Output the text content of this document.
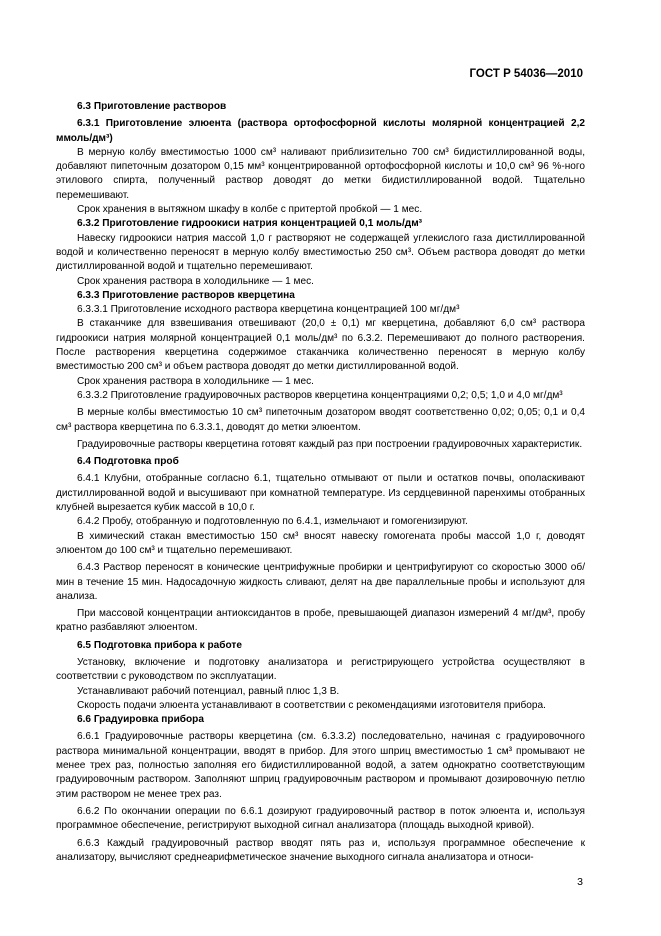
ГОСТ Р 54036—2010

6.3 Приготовление растворов

6.3.1 Приготовление элюента (раствора ортофосфорной кислоты молярной концентрацией 2,2 ммоль/дм³)

В мерную колбу вместимостью 1000 см³ наливают приблизительно 700 см³ бидистиллированной воды, добавляют пипеточным дозатором 0,15 мм³ концентрированной ортофосфорной кислоты и 10,0 см³ 96 %-ного этилового спирта, полученный раствор доводят до метки бидистиллированной водой. Тщательно перемешивают.

Срок хранения в вытяжном шкафу в колбе с притертой пробкой — 1 мес.

6.3.2 Приготовление гидроокиси натрия концентрацией 0,1 моль/дм³

Навеску гидроокиси натрия массой 1,0 г растворяют не содержащей углекислого газа дистиллированной водой и количественно переносят в мерную колбу вместимостью 250 см³. Объем раствора доводят до метки дистиллированной водой и тщательно перемешивают.

Срок хранения раствора в холодильнике — 1 мес.

6.3.3 Приготовление растворов кверцетина

6.3.3.1 Приготовление исходного раствора кверцетина концентрацией 100 мг/дм³

В стаканчике для взвешивания отвешивают (20,0 ± 0,1) мг кверцетина, добавляют 6,0 см³ раствора гидроокиси натрия молярной концентрацией 0,1 моль/дм³ по 6.3.2. Перемешивают до полного растворения. После растворения кверцетина содержимое стаканчика количественно переносят в мерную колбу вместимостью 200 см³ и объем раствора доводят до метки дистиллированной водой.

Срок хранения раствора в холодильнике — 1 мес.

6.3.3.2 Приготовление градуировочных растворов кверцетина концентрациями 0,2; 0,5; 1,0 и 4,0 мг/дм³

В мерные колбы вместимостью 10 см³ пипеточным дозатором вводят соответственно 0,02; 0,05; 0,1 и 0,4 см³ раствора кверцетина по 6.3.3.1, доводят до метки элюентом.

Градуировочные растворы кверцетина готовят каждый раз при построении градуировочных характеристик.

6.4 Подготовка проб

6.4.1 Клубни, отобранные согласно 6.1, тщательно отмывают от пыли и остатков почвы, ополаскивают дистиллированной водой и высушивают при комнатной температуре. Из сердцевинной паренхимы отобранных клубней вырезается кубик массой в 10,0 г.

6.4.2 Пробу, отобранную и подготовленную по 6.4.1, измельчают и гомогенизируют.

В химический стакан вместимостью 150 см³ вносят навеску гомогената пробы массой 1,0 г, доводят элюентом до 100 см³ и тщательно перемешивают.

6.4.3 Раствор переносят в конические центрифужные пробирки и центрифугируют со скоростью 3000 об/мин в течение 15 мин. Надосадочную жидкость сливают, делят на две параллельные пробы и используют для анализа.

При массовой концентрации антиоксидантов в пробе, превышающей диапазон измерений 4 мг/дм³, пробу кратно разбавляют элюентом.

6.5 Подготовка прибора к работе

Установку, включение и подготовку анализатора и регистрирующего устройства осуществляют в соответствии с руководством по эксплуатации.

Устанавливают рабочий потенциал, равный плюс 1,3 В.

Скорость подачи элюента устанавливают в соответствии с рекомендациями изготовителя прибора.

6.6 Градуировка прибора

6.6.1 Градуировочные растворы кверцетина (см. 6.3.3.2) последовательно, начиная с градуировочного раствора минимальной концентрации, вводят в прибор. Для этого шприц вместимостью 1 см³ промывают не менее трех раз, полностью заполняя его бидистиллированной водой, а затем однократно соответствующим градуировочным раствором. Заполняют шприц градуировочным раствором и промывают дозировочную петлю этим раствором не менее трех раз.

6.6.2 По окончании операции по 6.6.1 дозируют градуировочный раствор в поток элюента и, используя программное обеспечение, регистрируют выходной сигнал анализатора (площадь выходной кривой).

6.6.3 Каждый градуировочный раствор вводят пять раз и, используя программное обеспечение к анализатору, вычисляют среднеарифметическое значение выходного сигнала анализатора и относи-

3
